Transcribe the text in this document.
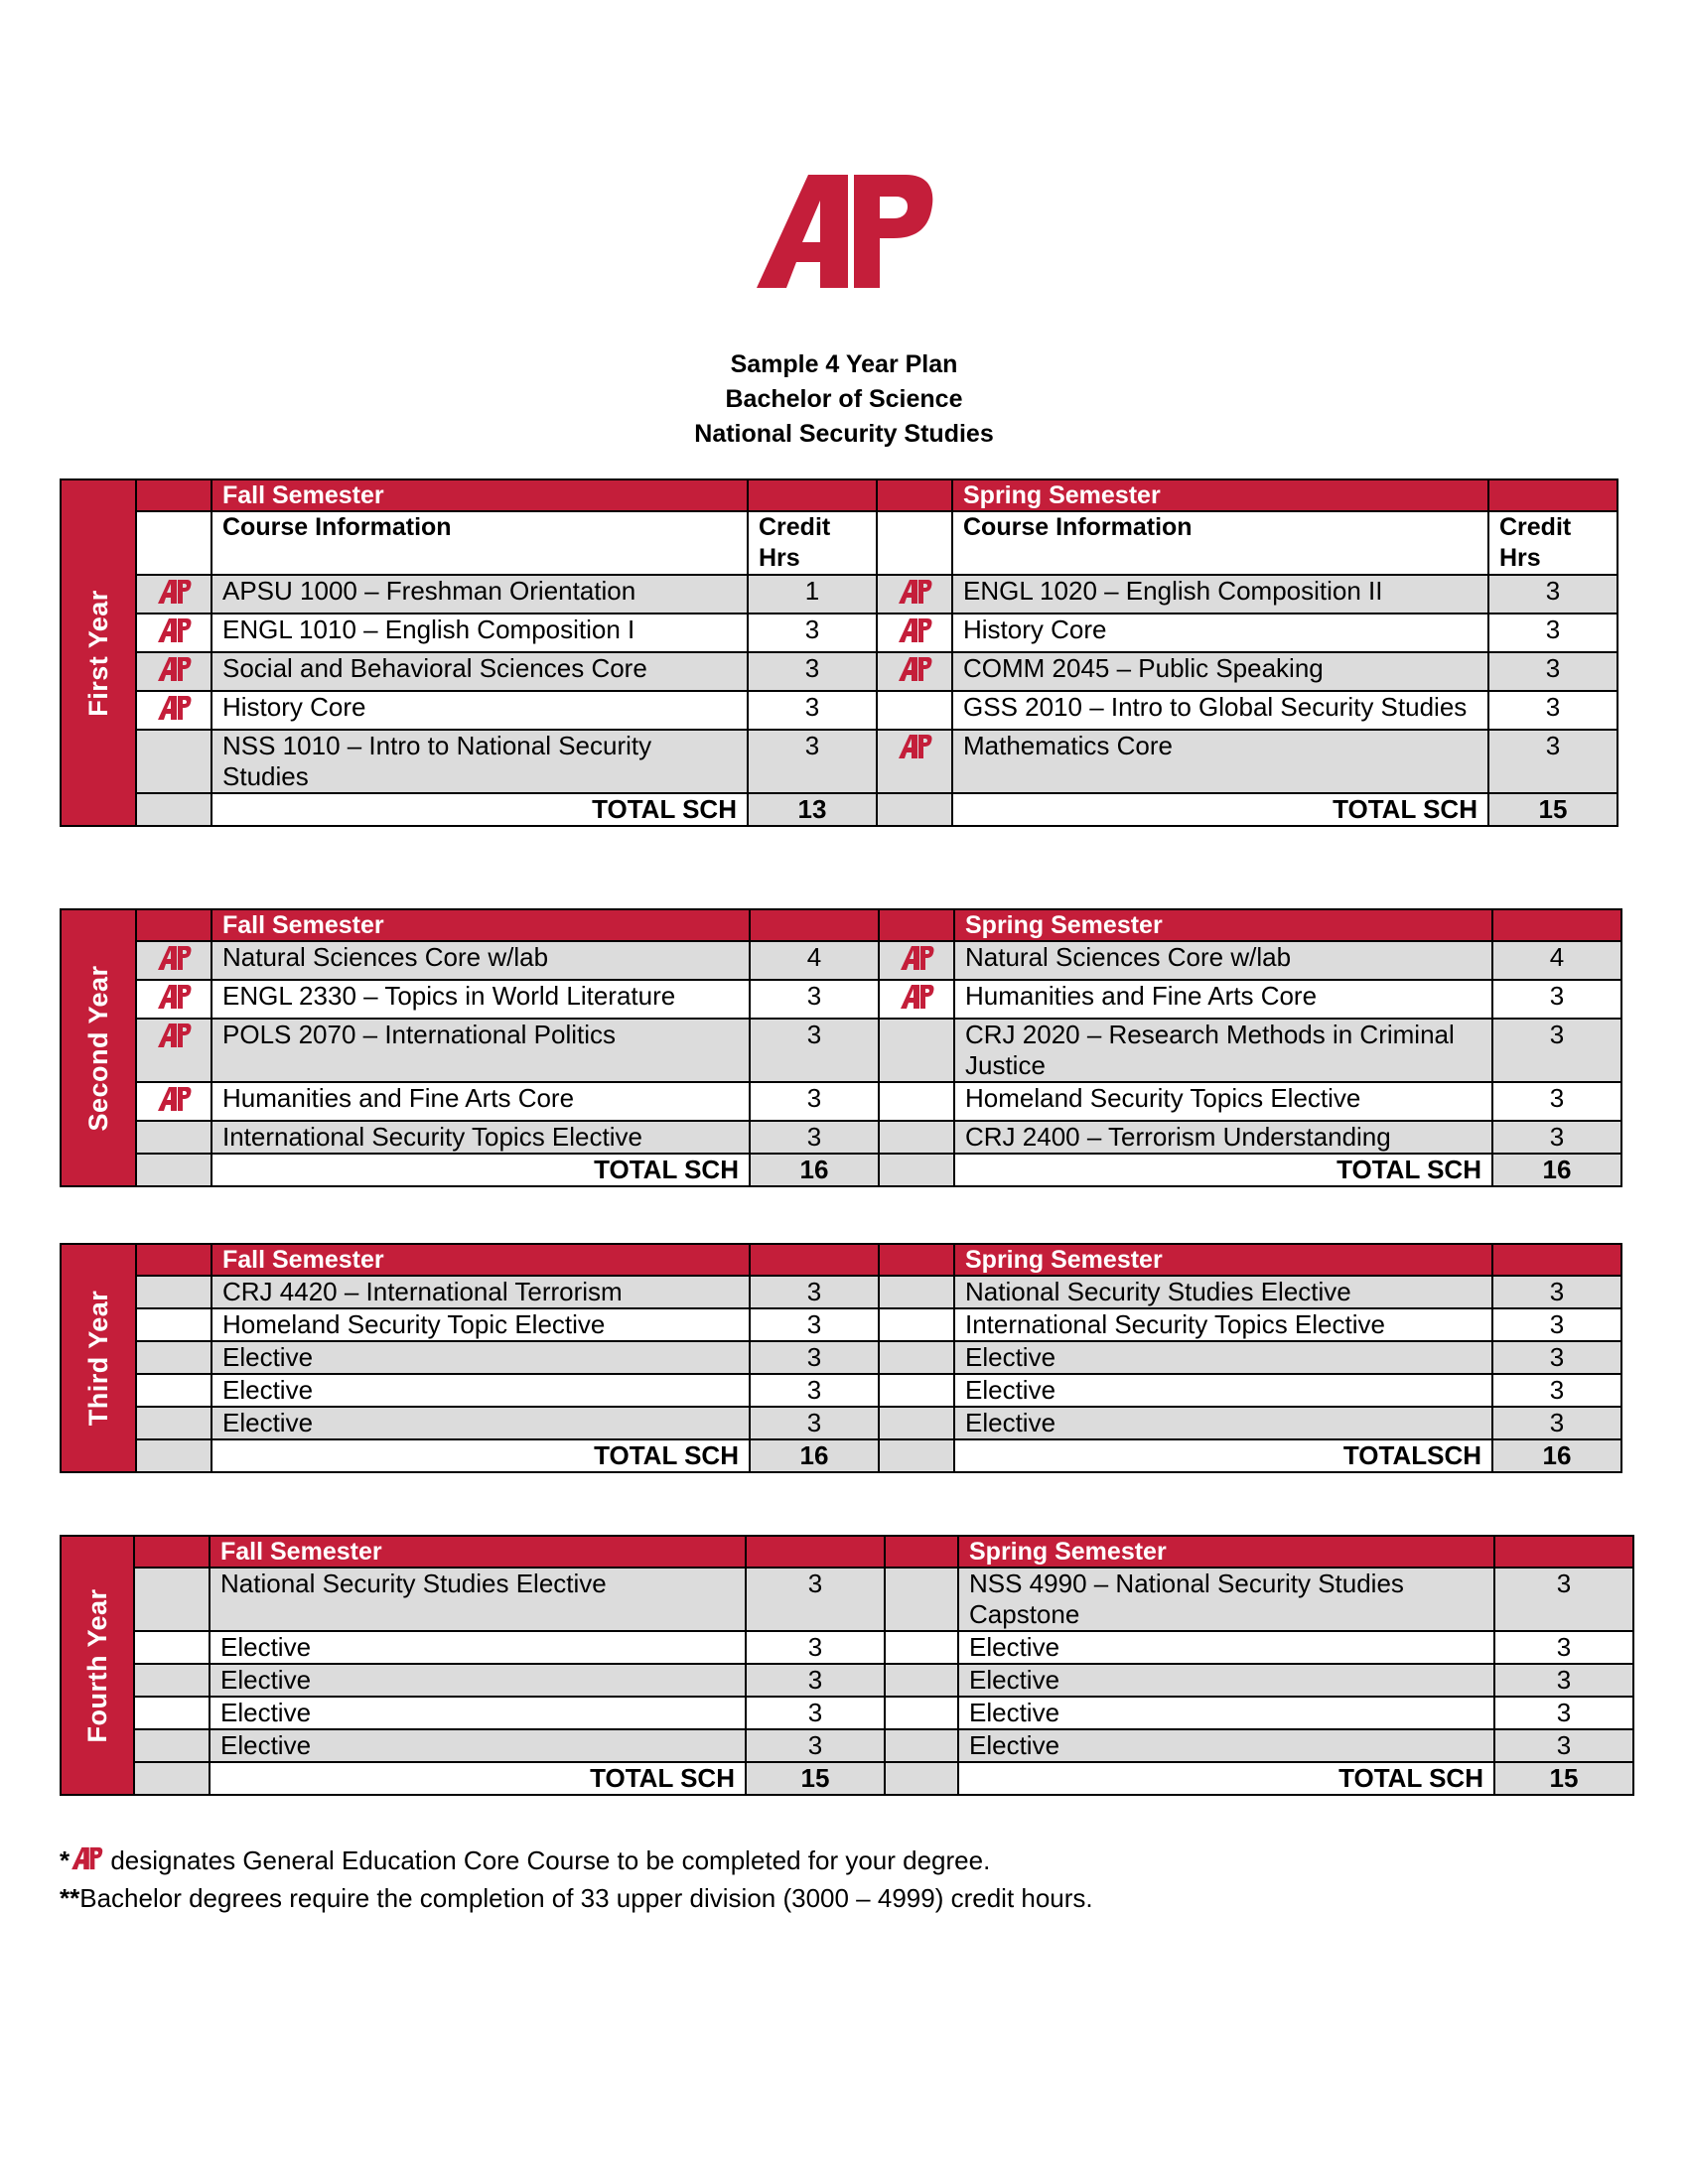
Sample 4 Year Plan
Bachelor of Science
National Security Studies
First Year		Fall Semester			Spring Semester	
		Course Information	Credit Hrs		Course Information	Credit Hrs
	APSU 1000 – Freshman Orientation	1		ENGL 1020 – English Composition II	3
	ENGL 1010 – English Composition I	3		History Core	3
	Social and Behavioral Sciences Core	3		COMM 2045 – Public Speaking	3
	History Core	3		GSS 2010 – Intro to Global Security Studies	3
		NSS 1010 – Intro to National Security Studies	3		Mathematics Core	3
		TOTAL SCH	13		TOTAL SCH	15
Second Year		Fall Semester			Spring Semester	
	Natural Sciences Core w/lab	4		Natural Sciences Core w/lab	4
	ENGL 2330 – Topics in World Literature	3		Humanities and Fine Arts Core	3
	POLS 2070 – International Politics	3		CRJ 2020 – Research Methods in Criminal Justice	3
	Humanities and Fine Arts Core	3		Homeland Security Topics Elective	3
		International Security Topics Elective	3		CRJ 2400 – Terrorism Understanding	3
		TOTAL SCH	16		TOTAL SCH	16
Third Year		Fall Semester			Spring Semester	
		CRJ 4420 – International Terrorism	3		National Security Studies Elective	3
		Homeland Security Topic Elective	3		International Security Topics Elective	3
		Elective	3		Elective	3
		Elective	3		Elective	3
		Elective	3		Elective	3
		TOTAL SCH	16		TOTALSCH	16
Fourth Year		Fall Semester			Spring Semester	
		National Security Studies Elective	3		NSS 4990 – National Security Studies Capstone	3
		Elective	3		Elective	3
		Elective	3		Elective	3
		Elective	3		Elective	3
		Elective	3		Elective	3
		TOTAL SCH	15		TOTAL SCH	15
* designates General Education Core Course to be completed for your degree.
**Bachelor degrees require the completion of 33 upper division (3000 – 4999) credit hours.
